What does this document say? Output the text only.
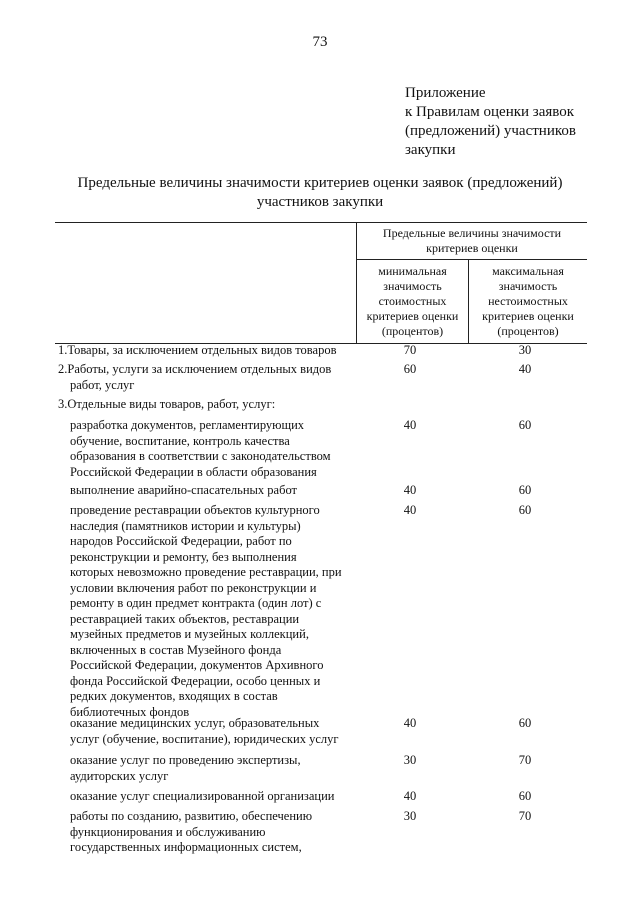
73
Приложение
к Правилам оценки заявок
(предложений) участников
закупки
Предельные величины значимости критериев оценки заявок (предложений)
участников закупки
Предельные величины значимости
критериев оценки
минимальная
значимость
стоимостных
критериев оценки
(процентов)
максимальная
значимость
нестоимостных
критериев оценки
(процентов)
1.Товары, за исключением отдельных видов товаров	70	30
2.Работы, услуги за исключением отдельных видов
работ, услуг
60	40
3.Отдельные виды товаров, работ, услуг:
разработка документов, регламентирующих
обучение, воспитание, контроль качества
образования в соответствии с законодательством
Российской Федерации в области образования
40	60
выполнение аварийно-спасательных работ	40	60
проведение реставрации объектов культурного
наследия (памятников истории и культуры)
народов Российской Федерации, работ по
реконструкции и ремонту, без выполнения
которых невозможно проведение реставрации, при
условии включения работ по реконструкции и
ремонту в один предмет контракта (один лот) с
реставрацией таких объектов, реставрации
музейных предметов и музейных коллекций,
включенных в состав Музейного фонда
Российской Федерации, документов Архивного
фонда Российской Федерации, особо ценных и
редких документов, входящих в состав
библиотечных фондов
40	60
оказание медицинских услуг, образовательных
услуг (обучение, воспитание), юридических услуг
40	60
оказание услуг по проведению экспертизы,
аудиторских услуг
30	70
оказание услуг специализированной организации	40	60
работы по созданию, развитию, обеспечению
функционирования и обслуживанию
государственных информационных систем,
30	70
